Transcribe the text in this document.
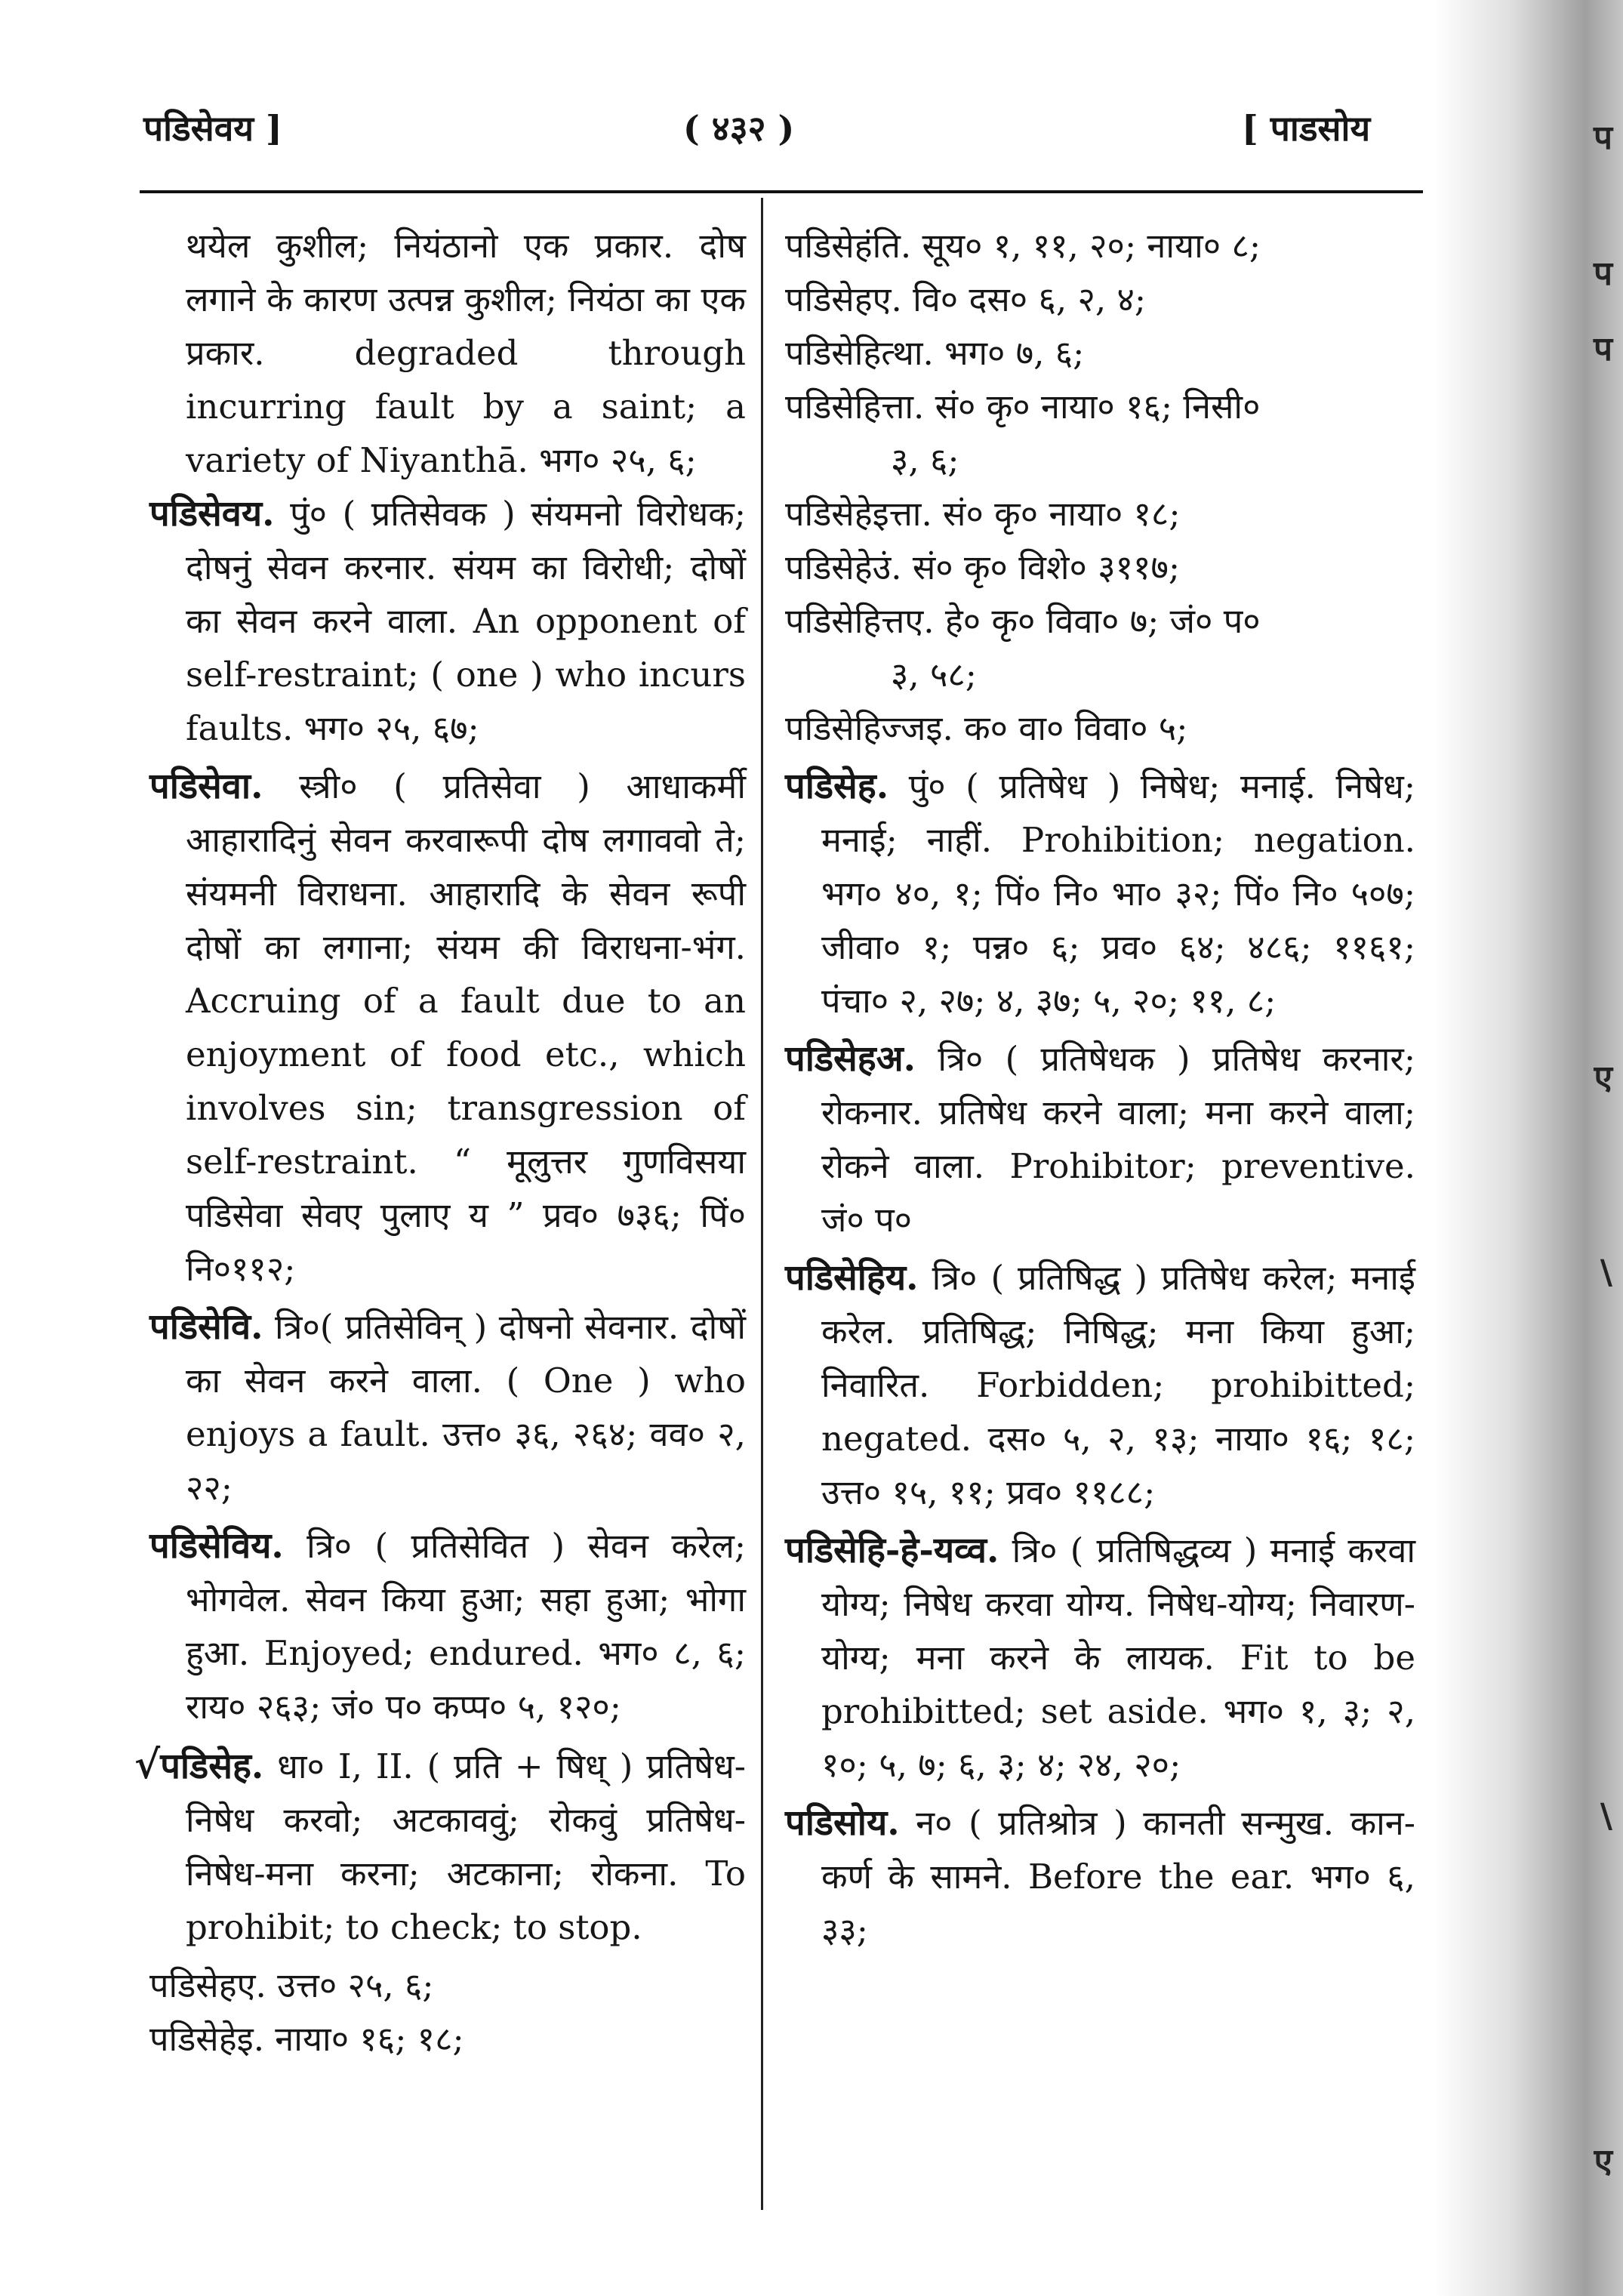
प
प
प
ए
\
\
ए
पडिसेवय ]	( ४३२ )	[ पाडसोय
थयेल कुशील; नियंठानो एक प्रकार. दोष लगाने के कारण उत्पन्न कुशील; नियंठा का एक प्रकार. degraded through incurring fault by a saint; a variety of Niyanthā. भग० २५, ६;
पडिसेवय. पुं० ( प्रतिसेवक ) संयमनो विरोधक; दोषनुं सेवन करनार. संयम का विरोधी; दोषों का सेवन करने वाला. An opponent of self-restraint; ( one ) who incurs faults. भग० २५, ६७;
पडिसेवा. स्त्री० ( प्रतिसेवा ) आधाकर्मी आहारादिनुं सेवन करवारूपी दोष लगाववो ते; संयमनी विराधना. आहारादि के सेवन रूपी दोषों का लगाना; संयम की विराधना-भंग. Accruing of a fault due to an enjoyment of food etc., which involves sin; transgression of self-restraint. “ मूलुत्तर गुणविसया पडिसेवा सेवए पुलाए य ” प्रव० ७३६; पिं० नि०११२;
पडिसेवि. त्रि०( प्रतिसेविन् ) दोषनो सेवनार. दोषों का सेवन करने वाला. ( One ) who enjoys a fault. उत्त० ३६, २६४; वव० २, २२;
पडिसेविय. त्रि० ( प्रतिसेवित ) सेवन करेल; भोगवेल. सेवन किया हुआ; सहा हुआ; भोगा हुआ. Enjoyed; endured. भग० ८, ६; राय० २६३; जं० प० कप्प० ५, १२०;
√पडिसेह. धा० I, II. ( प्रति + षिध् ) प्रतिषेध-निषेध करवो; अटकाववुं; रोकवुं प्रतिषेध-निषेध-मना करना; अटकाना; रोकना. To prohibit; to check; to stop.
पडिसेहए. उत्त० २५, ६;
पडिसेहेइ. नाया० १६; १८;
पडिसेहंति. सूय० १, ११, २०; नाया० ८;
पडिसेहए. वि० दस० ६, २, ४;
पडिसेहित्था. भग० ७, ६;
पडिसेहित्ता. सं० कृ० नाया० १६; निसी०
३, ६;
पडिसेहेइत्ता. सं० कृ० नाया० १८;
पडिसेहेउं. सं० कृ० विशे० ३११७;
पडिसेहित्तए. हे० कृ० विवा० ७; जं० प०
३, ५८;
पडिसेहिज्जइ. क० वा० विवा० ५;
पडिसेह. पुं० ( प्रतिषेध ) निषेध; मनाई. निषेध; मनाई; नाहीं. Prohibition; negation. भग० ४०, १; पिं० नि० भा० ३२; पिं० नि० ५०७; जीवा० १; पन्न० ६; प्रव० ६४; ४८६; ११६१; पंचा० २, २७; ४, ३७; ५, २०; ११, ८;
पडिसेहअ. त्रि० ( प्रतिषेधक ) प्रतिषेध करनार; रोकनार. प्रतिषेध करने वाला; मना करने वाला; रोकने वाला. Prohibitor; preventive. जं० प०
पडिसेहिय. त्रि० ( प्रतिषिद्ध ) प्रतिषेध करेल; मनाई करेल. प्रतिषिद्ध; निषिद्ध; मना किया हुआ; निवारित. Forbidden; prohibitted; negated. दस० ५, २, १३; नाया० १६; १८; उत्त० १५, ११; प्रव० ११८८;
पडिसेहि-हे-यव्व. त्रि० ( प्रतिषिद्धव्य ) मनाई करवा योग्य; निषेध करवा योग्य. निषेध-योग्य; निवारण-योग्य; मना करने के लायक. Fit to be prohibitted; set aside. भग० १, ३; २, १०; ५, ७; ६, ३; ४; २४, २०;
पडिसोय. न० ( प्रतिश्रोत्र ) कानती सन्मुख. कान-कर्ण के सामने. Before the ear. भग० ६, ३३;
